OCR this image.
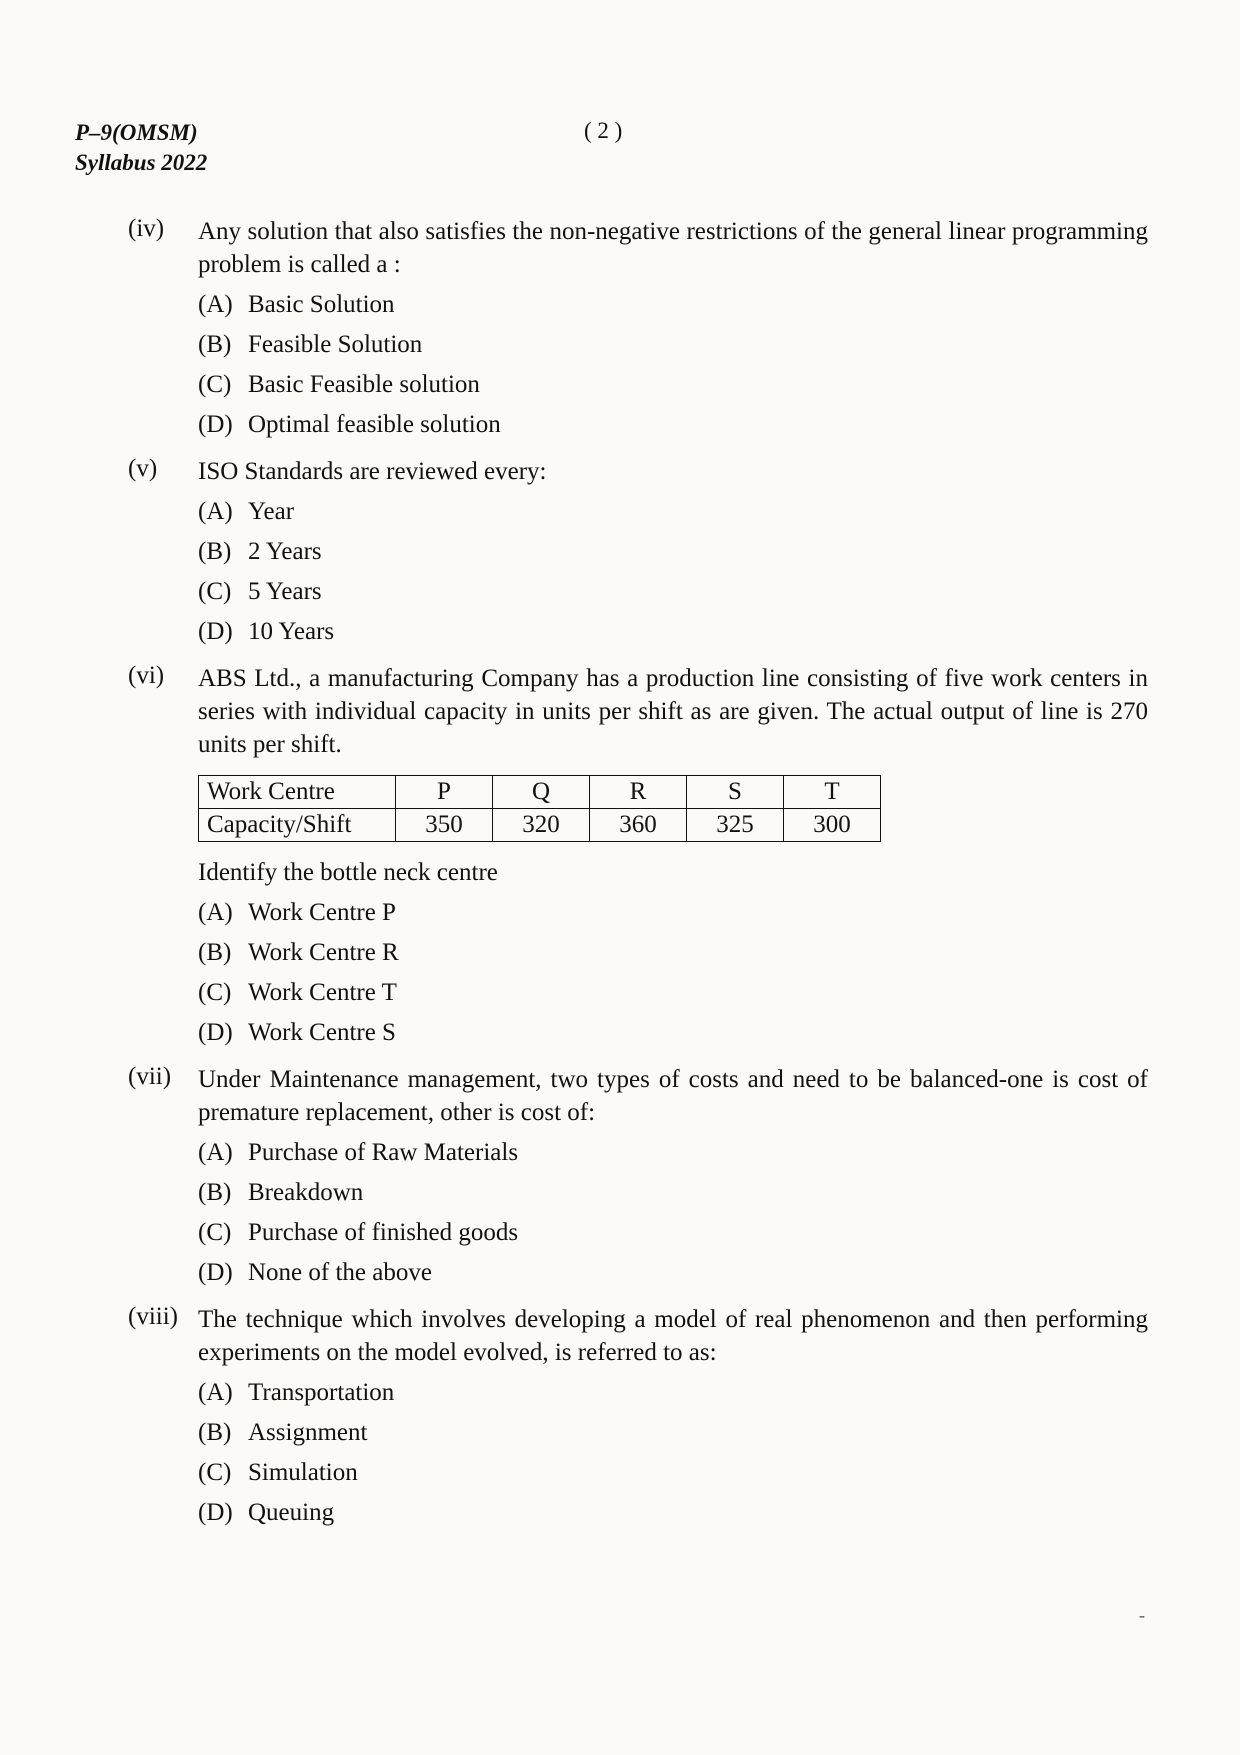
P–9(OMSM)
Syllabus 2022
( 2 )
(iv) Any solution that also satisfies the non-negative restrictions of the general linear programming problem is called a :
(A) Basic Solution
(B) Feasible Solution
(C) Basic Feasible solution
(D) Optimal feasible solution
(v) ISO Standards are reviewed every:
(A) Year
(B) 2 Years
(C) 5 Years
(D) 10 Years
(vi) ABS Ltd., a manufacturing Company has a production line consisting of five work centers in series with individual capacity in units per shift as are given. The actual output of line is 270 units per shift.
Work Centre	P	Q	R	S	T
Capacity/Shift	350	320	360	325	300
Identify the bottle neck centre
(A) Work Centre P
(B) Work Centre R
(C) Work Centre T
(D) Work Centre S
(vii) Under Maintenance management, two types of costs and need to be balanced-one is cost of premature replacement, other is cost of:
(A) Purchase of Raw Materials
(B) Breakdown
(C) Purchase of finished goods
(D) None of the above
(viii) The technique which involves developing a model of real phenomenon and then performing experiments on the model evolved, is referred to as:
(A) Transportation
(B) Assignment
(C) Simulation
(D) Queuing
-
